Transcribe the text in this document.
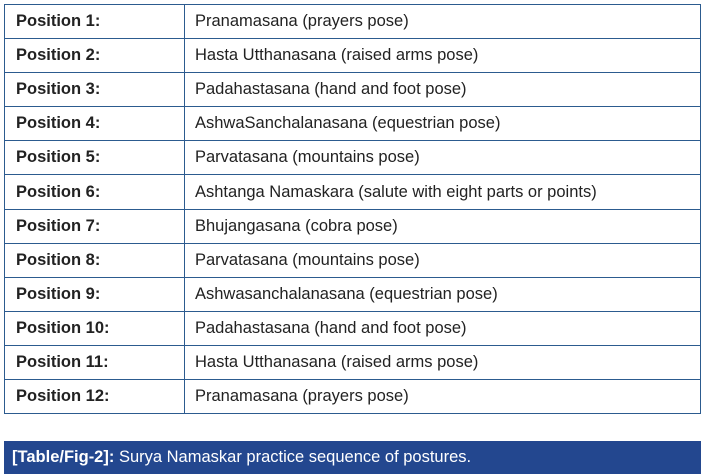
Position 1:	Pranamasana (prayers pose)
Position 2:	Hasta Utthanasana (raised arms pose)
Position 3:	Padahastasana (hand and foot pose)
Position 4:	AshwaSanchalanasana (equestrian pose)
Position 5:	Parvatasana (mountains pose)
Position 6:	Ashtanga Namaskara (salute with eight parts or points)
Position 7:	Bhujangasana (cobra pose)
Position 8:	Parvatasana (mountains pose)
Position 9:	Ashwasanchalanasana (equestrian pose)
Position 10:	Padahastasana (hand and foot pose)
Position 11:	Hasta Utthanasana (raised arms pose)
Position 12:	Pranamasana (prayers pose)
[Table/Fig-2]: Surya Namaskar practice sequence of postures.
